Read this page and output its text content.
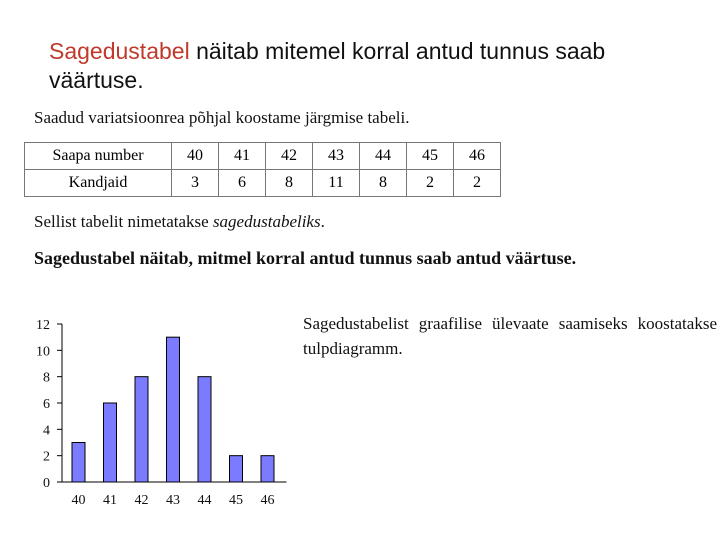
Sagedustabel näitab mitemel korral antud tunnus saab väärtuse.
Saadud variatsioonrea põhjal koostame järgmise tabeli.
Saapa number	40	41	42	43	44	45	46
Kandjaid	3	6	8	11	8	2	2
Sellist tabelit nimetatakse sagedustabeliks.
Sagedustabel näitab, mitmel korral antud tunnus saab antud väärtuse.
0
2
4
6
8
10
12
40 41 42 43 44 45 46
Sagedustabelist graafilise ülevaate saamiseks koostatakse tulpdiagramm.
